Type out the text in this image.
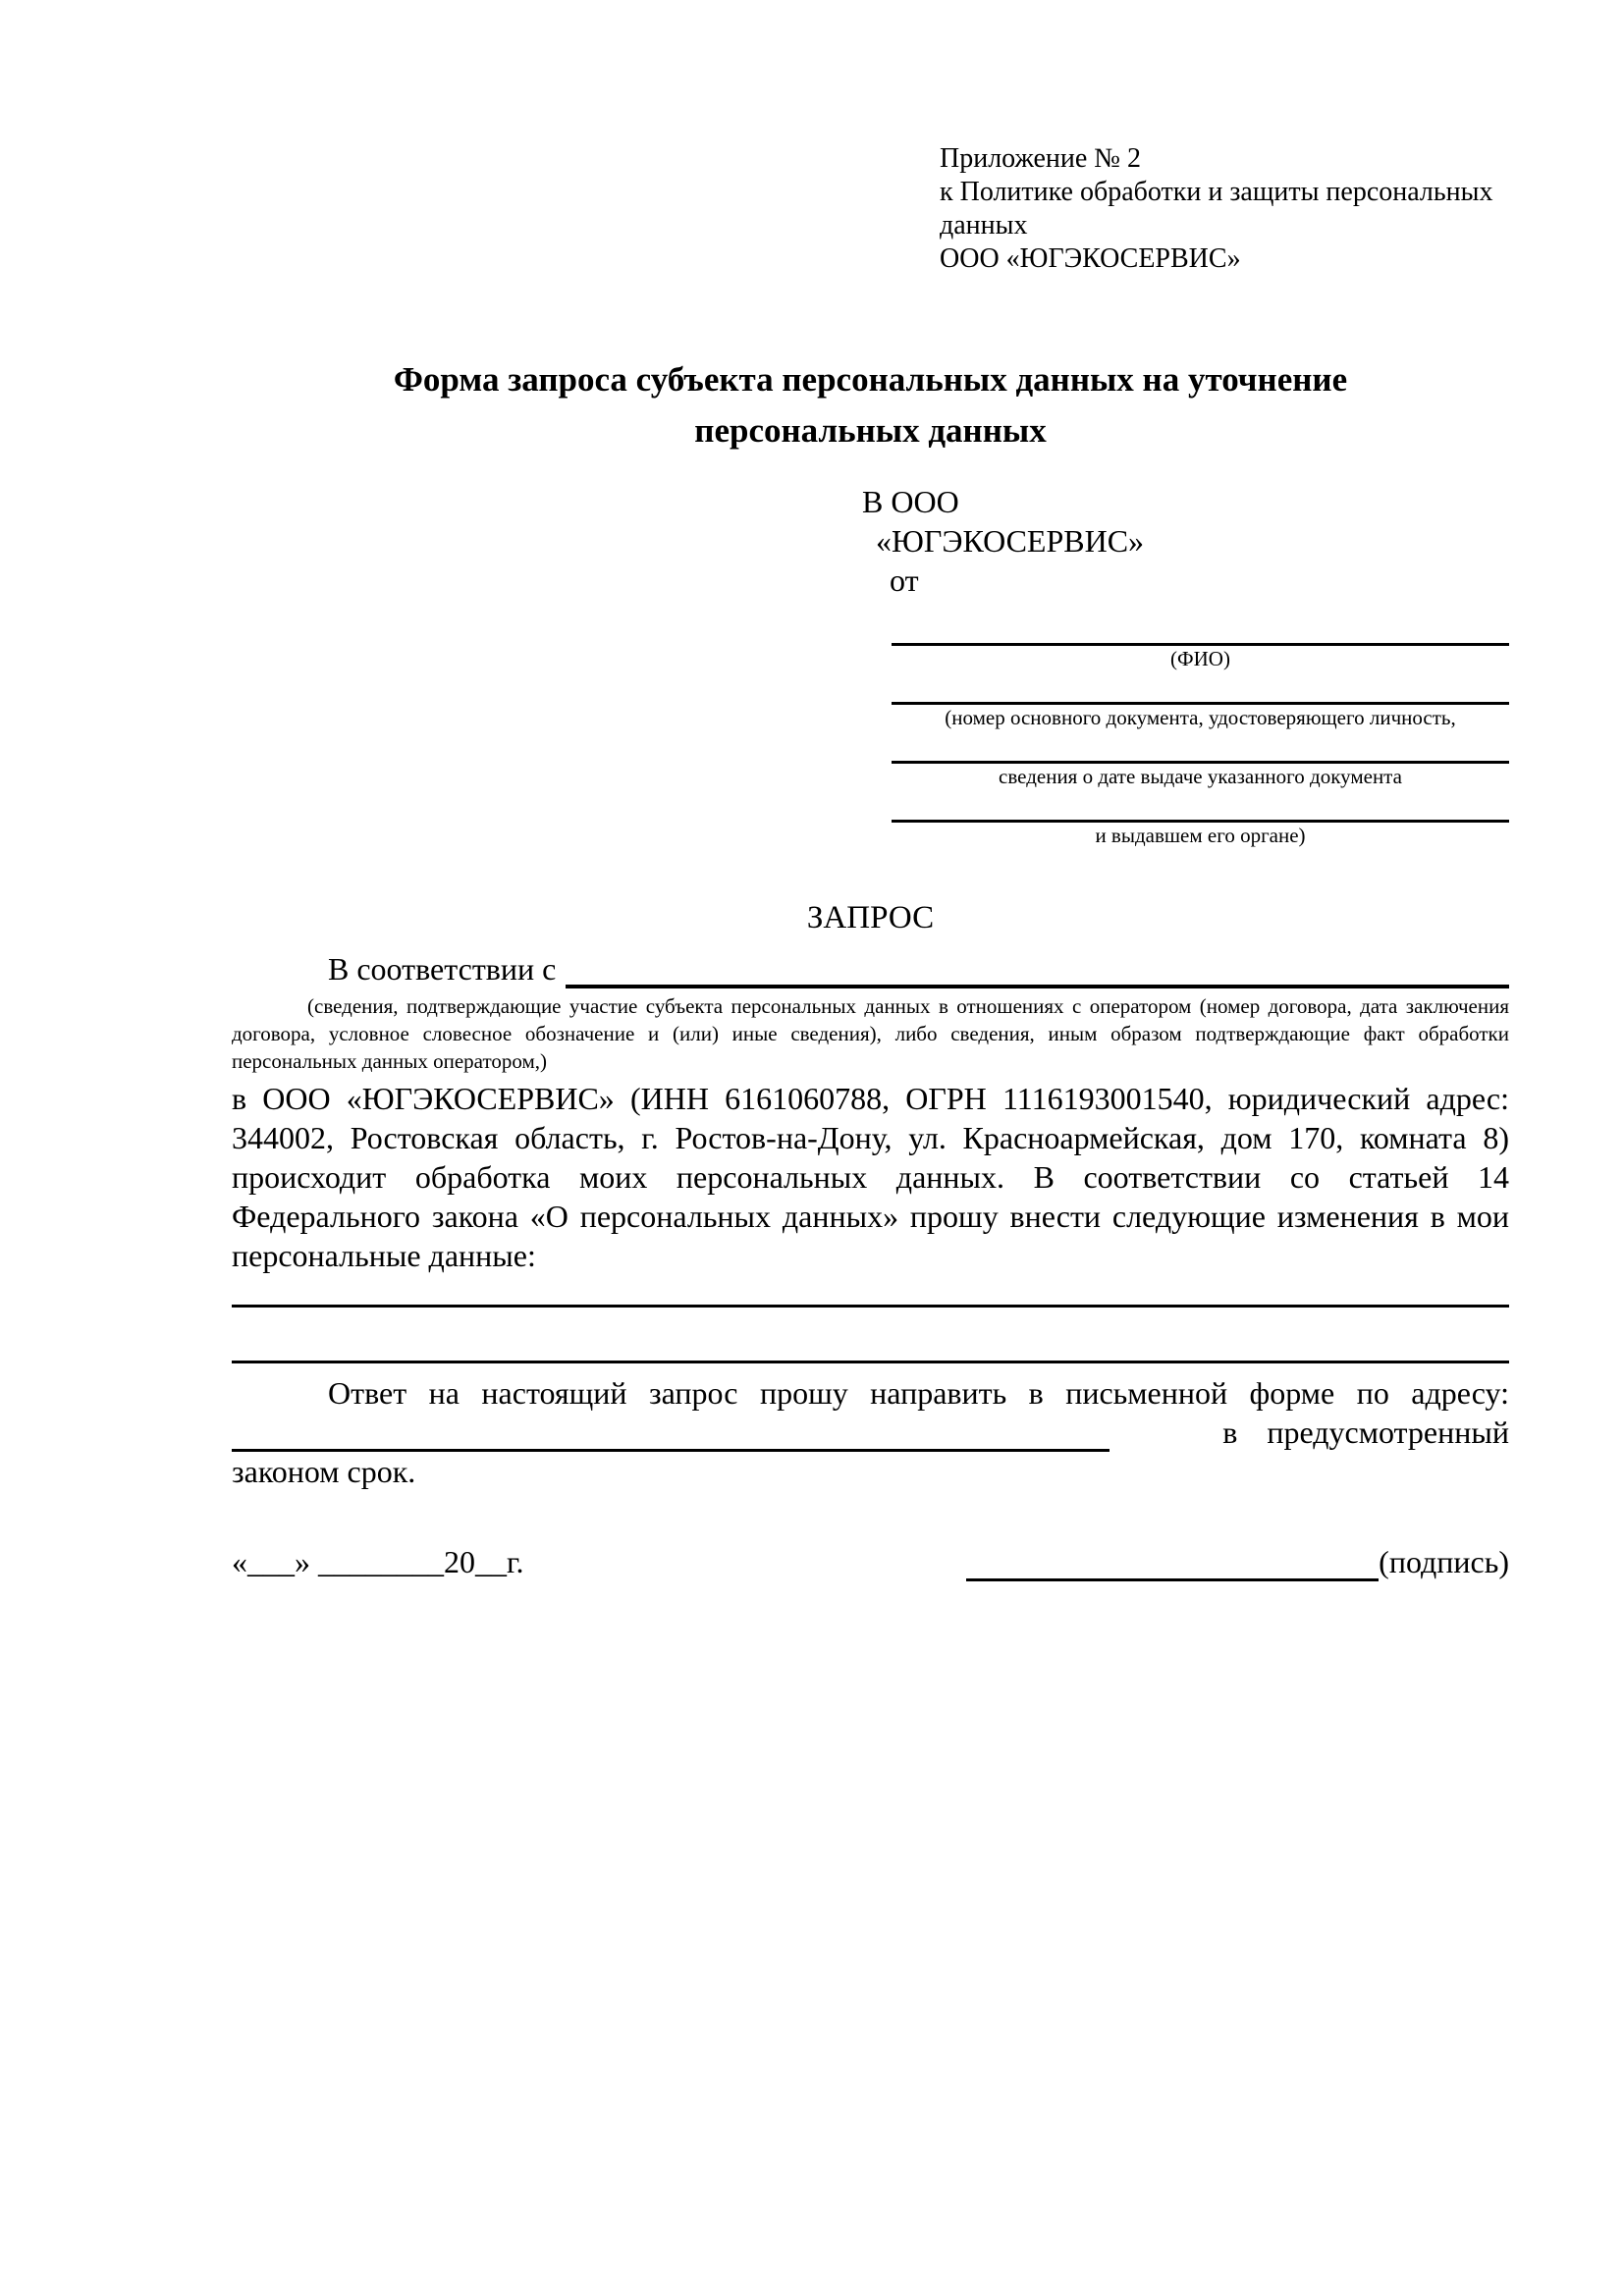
Приложение № 2
к Политике обработки и защиты персональных данных
ООО «ЮГЭКОСЕРВИС»
Форма запроса субъекта персональных данных на уточнение
персональных данных
В ООО
«ЮГЭКОСЕРВИС»
от
(ФИО)
(номер основного документа, удостоверяющего личность,
сведения о дате выдаче указанного документа
и выдавшем его органе)
ЗАПРОС
В соответствии с

(сведения, подтверждающие участие субъекта персональных данных в отношениях с оператором (номер договора, дата заключения договора, условное словесное обозначение и (или) иные сведения), либо сведения, иным образом подтверждающие факт обработки персональных данных оператором,)

в ООО «ЮГЭКОСЕРВИС» (ИНН 6161060788, ОГРН 1116193001540, юридический адрес: 344002, Ростовская область, г. Ростов-на-Дону, ул. Красноармейская, дом 170, комната 8) происходит обработка моих персональных данных. В соответствии со статьей 14 Федерального закона «О персональных данных» прошу внести следующие изменения в мои персональные данные:

Ответ на настоящий запрос прошу направить в письменной форме по адресу:

в предусмотренный

законом срок.

«___» ________20__г.	(подпись)
